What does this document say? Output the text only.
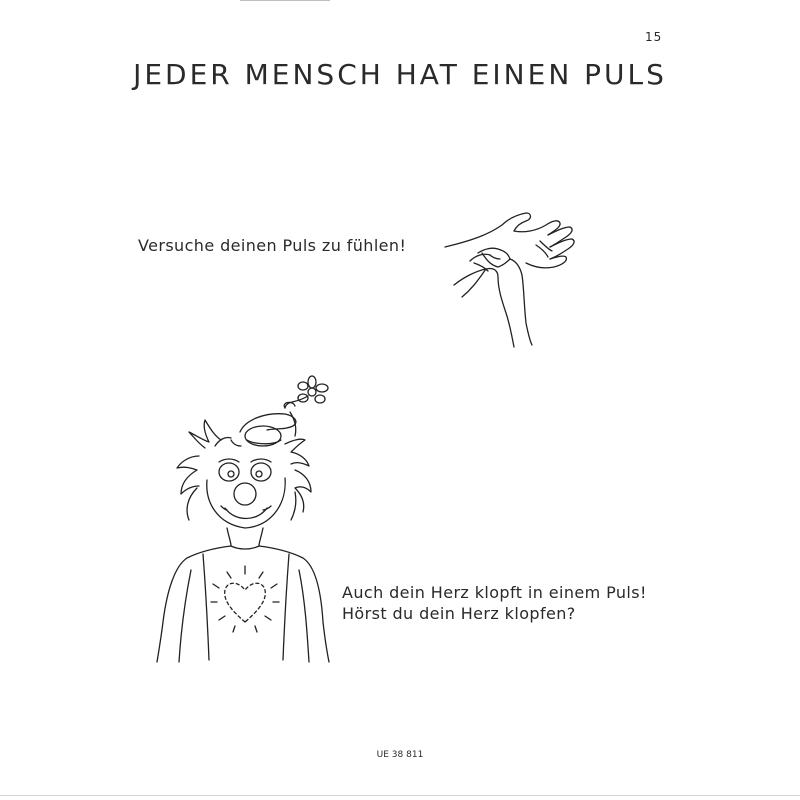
15
JEDER MENSCH HAT EINEN PULS
Versuche deinen Puls zu fühlen!
Auch dein Herz klopft in einem Puls!
Hörst du dein Herz klopfen?
UE 38 811
